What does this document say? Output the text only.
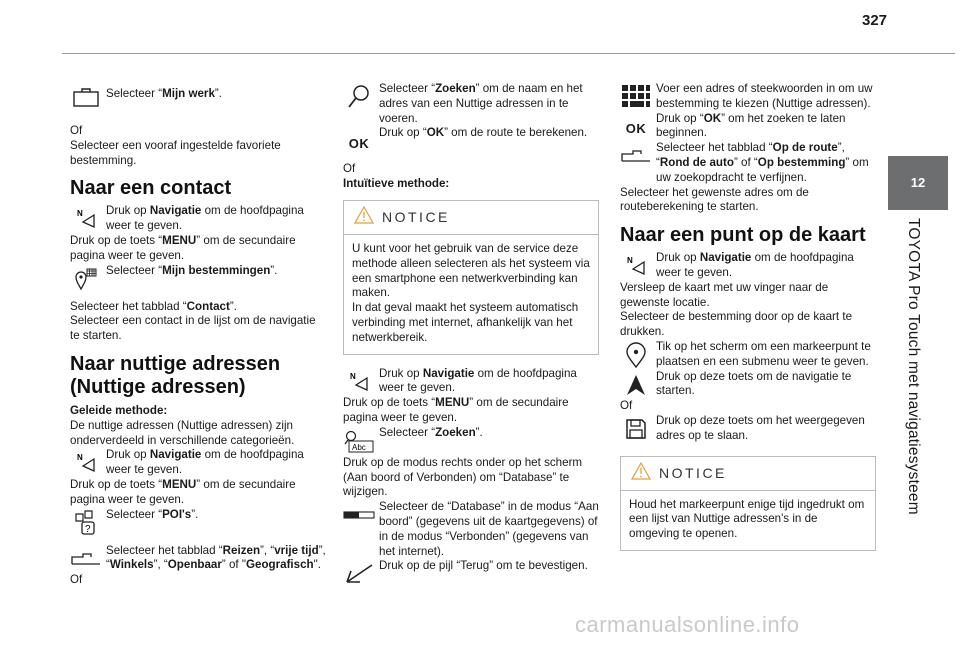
327
12
TOYOTA Pro Touch met navigatiesysteem

Selecteer “Mijn werk”.

Of

Selecteer een vooraf ingestelde favoriete bestemming.

Naar een contact
N	Druk op Navigatie om de hoofdpagina weer te geven.

Druk op de toets “MENU” om de secundaire pagina weer te geven.

Selecteer “Mijn bestemmingen”.

Selecteer het tabblad “Contact”.

Selecteer een contact in de lijst om de navigatie te starten.

Naar nuttige adressen (Nuttige adressen)

Geleide methode:

De nuttige adressen (Nuttige adressen) zijn onderverdeeld in verschillende categorieën.

N	Druk op Navigatie om de hoofdpagina weer te geven.

Druk op de toets “MENU” om de secundaire pagina weer te geven.

?

Selecteer “POI's”.

Selecteer het tabblad “Reizen”, “vrije tijd”, “Winkels”, “Openbaar” of "Geografisch".

Of

Selecteer “Zoeken” om de naam en het adres van een Nuttige adressen in te voeren.

OK

Druk op “OK” om de route te berekenen.

Of

Intuïtieve methode:

NOTICE

U kunt voor het gebruik van de service deze methode alleen selecteren als het systeem via een smartphone een netwerkverbinding kan maken.

In dat geval maakt het systeem automatisch verbinding met internet, afhankelijk van het netwerkbereik.

N	Druk op Navigatie om de hoofdpagina weer te geven.

Druk op de toets “MENU” om de secundaire pagina weer te geven.

Abc

Selecteer “Zoeken”.

Druk op de modus rechts onder op het scherm (Aan boord of Verbonden) om “Database” te wijzigen.

Selecteer de “Database” in de modus “Aan boord” (gegevens uit de kaartgegevens) of in de modus “Verbonden” (gegevens van het internet).

Druk op de pijl “Terug” om te bevestigen.

Voer een adres of steekwoorden in om uw bestemming te kiezen (Nuttige adressen).

OK

Druk op “OK” om het zoeken te laten beginnen.

Selecteer het tabblad “Op de route”, “Rond de auto” of “Op bestemming” om uw zoekopdracht te verfijnen.

Selecteer het gewenste adres om de routeberekening te starten.

Naar een punt op de kaart
N	Druk op Navigatie om de hoofdpagina weer te geven.

Versleep de kaart met uw vinger naar de gewenste locatie.

Selecteer de bestemming door op de kaart te drukken.

Tik op het scherm om een markeerpunt te plaatsen en een submenu weer te geven.

Druk op deze toets om de navigatie te starten.

Of

Druk op deze toets om het weergegeven adres op te slaan.

NOTICE

Houd het markeerpunt enige tijd ingedrukt om een lijst van Nuttige adressen's in de omgeving te openen.

carmanualsonline.info
